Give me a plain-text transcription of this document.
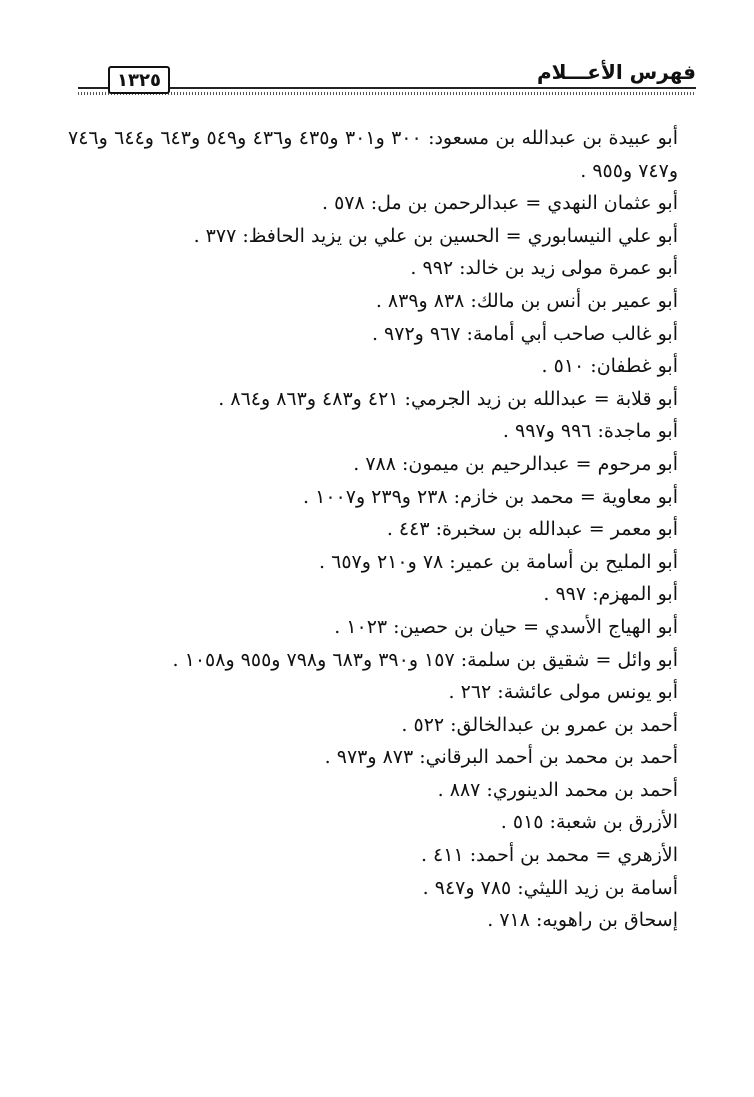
فهرس الأعـــلام
١٣٢٥
أبو عبيدة بن عبدالله بن مسعود: ٣٠٠ و٣٠١ و٤٣٥ و٤٣٦ و٥٤٩ و٦٤٣ و٦٤٤ و٧٤٦ و٧٤٧ و٩٥٥ .
أبو عثمان النهدي = عبدالرحمن بن مل: ٥٧٨ .
أبو علي النيسابوري = الحسين بن علي بن يزيد الحافظ: ٣٧٧ .
أبو عمرة مولى زيد بن خالد: ٩٩٢ .
أبو عمير بن أنس بن مالك: ٨٣٨ و٨٣٩ .
أبو غالب صاحب أبي أمامة: ٩٦٧ و٩٧٢ .
أبو غطفان: ٥١٠ .
أبو قلابة = عبدالله بن زيد الجرمي: ٤٢١ و٤٨٣ و٨٦٣ و٨٦٤ .
أبو ماجدة: ٩٩٦ و٩٩٧ .
أبو مرحوم = عبدالرحيم بن ميمون: ٧٨٨ .
أبو معاوية = محمد بن خازم: ٢٣٨ و٢٣٩ و١٠٠٧ .
أبو معمر = عبدالله بن سخبرة: ٤٤٣ .
أبو المليح بن أسامة بن عمير: ٧٨ و٢١٠ و٦٥٧ .
أبو المهزم: ٩٩٧ .
أبو الهياج الأسدي = حيان بن حصين: ١٠٢٣ .
أبو وائل = شقيق بن سلمة: ١٥٧ و٣٩٠ و٦٨٣ و٧٩٨ و٩٥٥ و١٠٥٨ .
أبو يونس مولى عائشة: ٢٦٢ .
أحمد بن عمرو بن عبدالخالق: ٥٢٢ .
أحمد بن محمد بن أحمد البرقاني: ٨٧٣ و٩٧٣ .
أحمد بن محمد الدينوري: ٨٨٧ .
الأزرق بن شعبة: ٥١٥ .
الأزهري = محمد بن أحمد: ٤١١ .
أسامة بن زيد الليثي: ٧٨٥ و٩٤٧ .
إسحاق بن راهويه: ٧١٨ .
